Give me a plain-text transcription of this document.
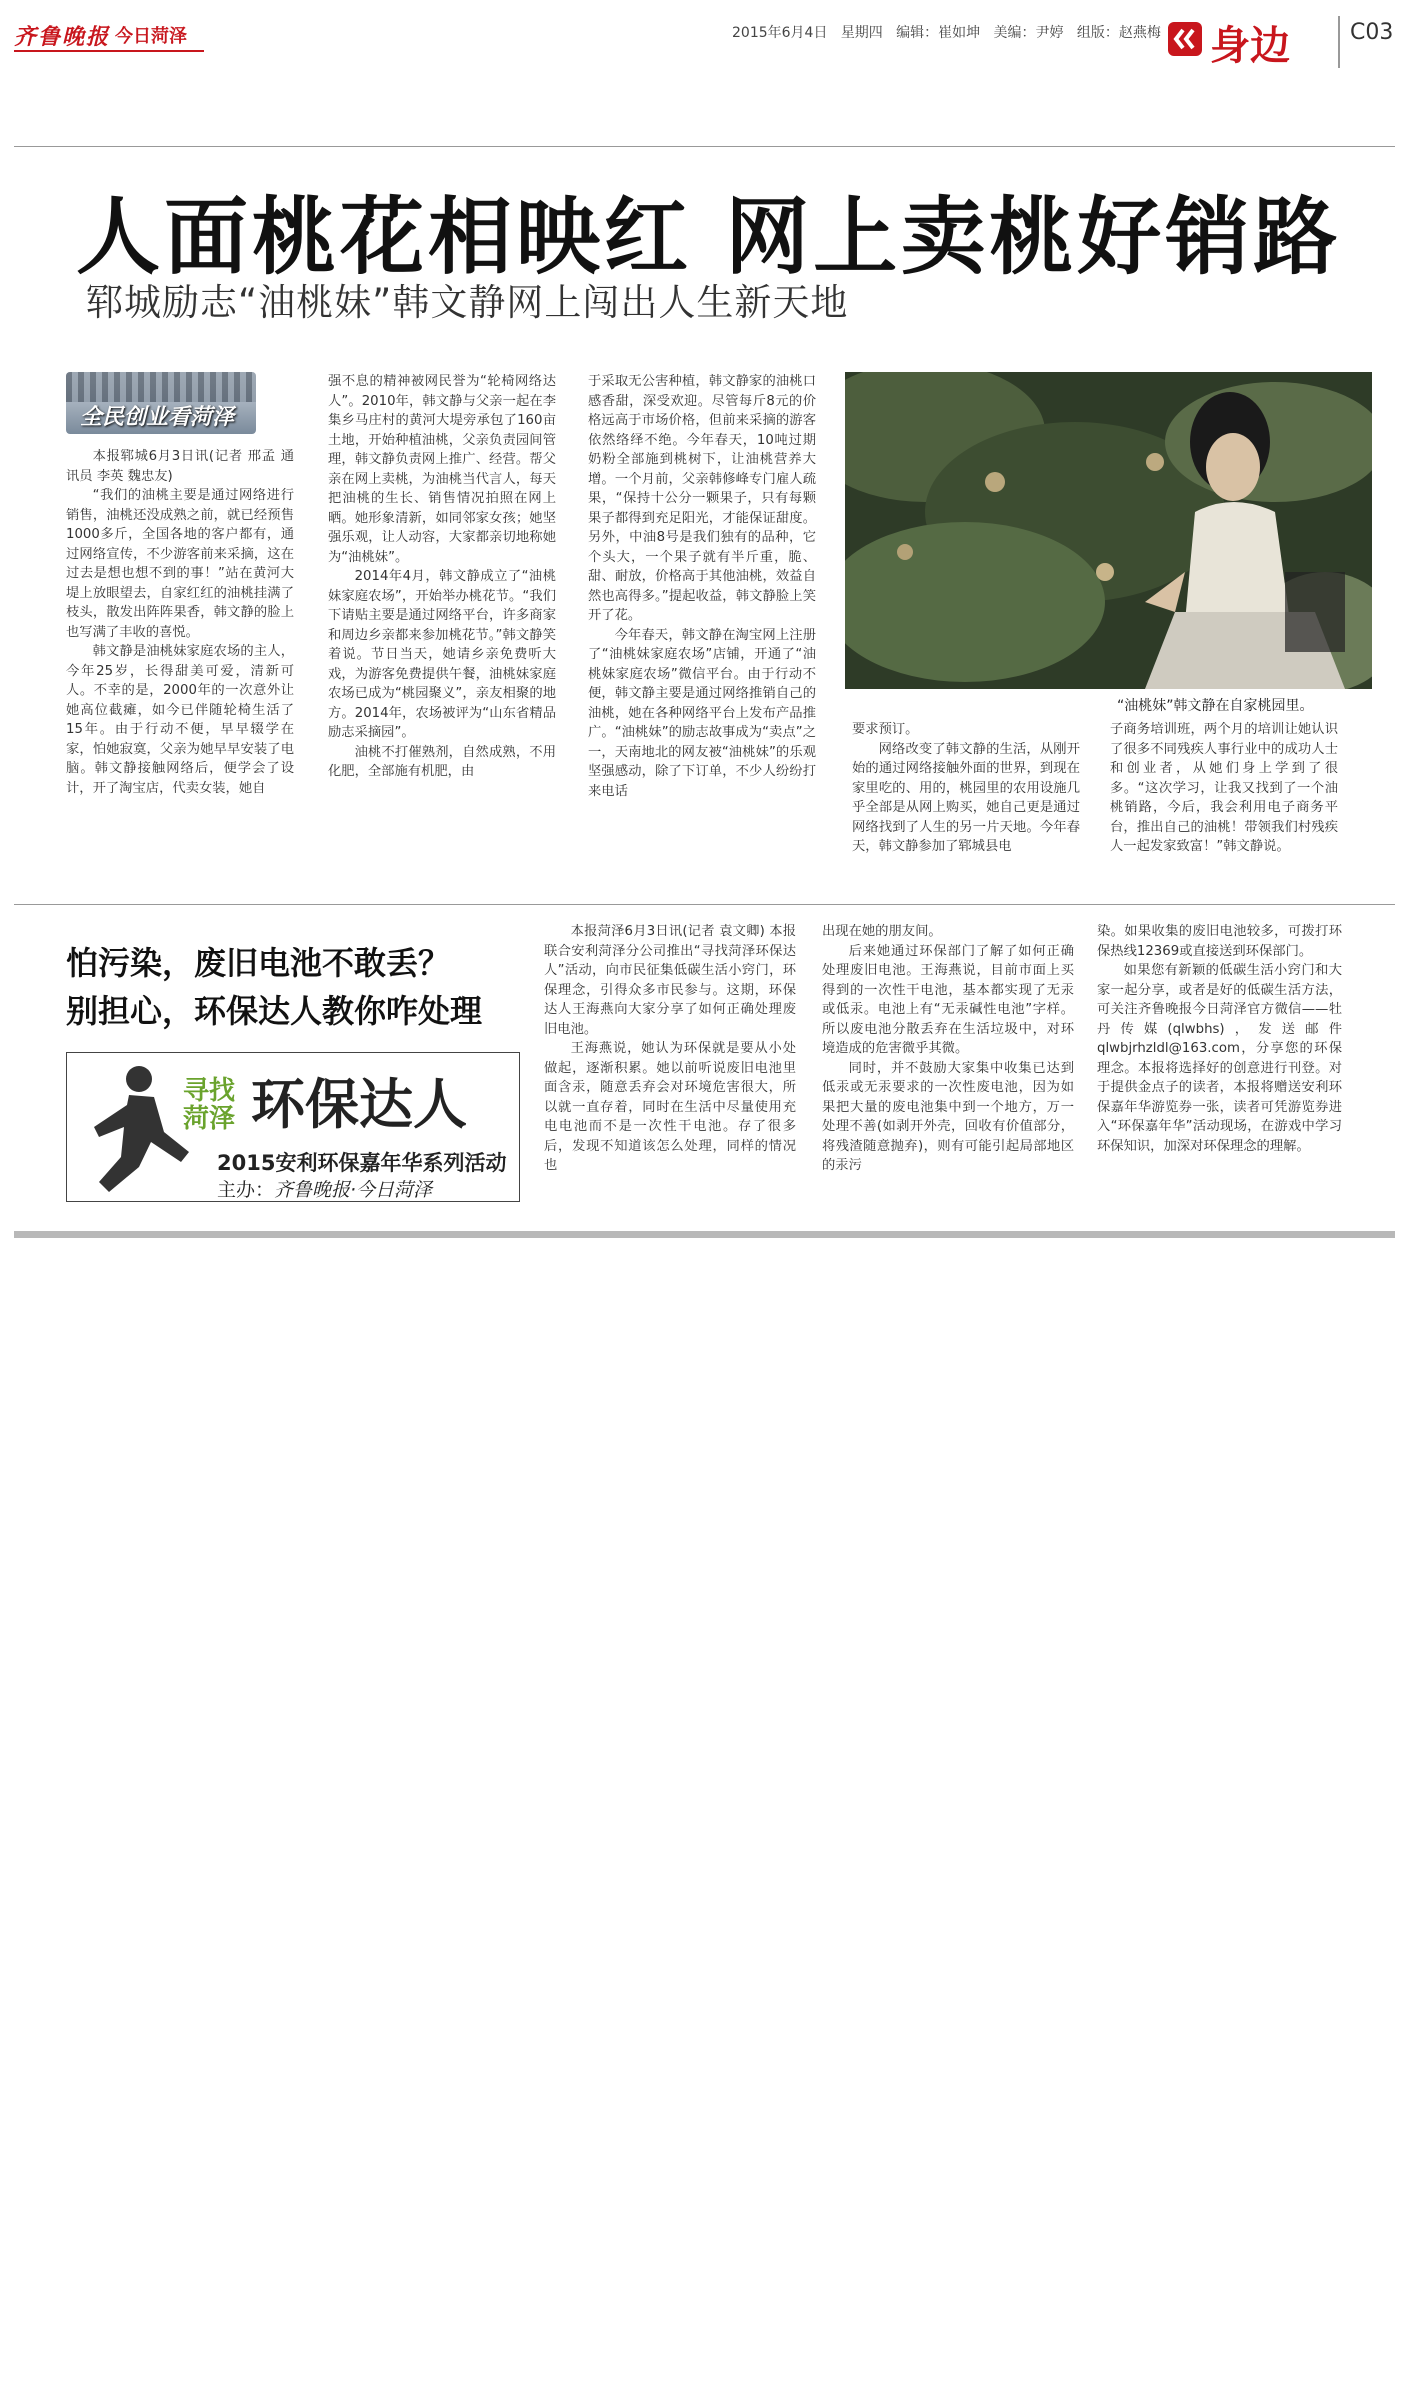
齐鲁晚报 今日菏泽	2015年6月4日 星期四 编辑：崔如坤 美编：尹婷 组版：赵燕梅 身边	C03
人面桃花相映红 网上卖桃好销路
郓城励志“油桃妹”韩文静网上闯出人生新天地
全民创业看菏泽

本报郓城6月3日讯(记者 邢孟 通讯员 李英 魏忠友)

“我们的油桃主要是通过网络进行销售，油桃还没成熟之前，就已经预售1000多斤，全国各地的客户都有，通过网络宣传，不少游客前来采摘，这在过去是想也想不到的事！”站在黄河大堤上放眼望去，自家红红的油桃挂满了枝头，散发出阵阵果香，韩文静的脸上也写满了丰收的喜悦。

韩文静是油桃妹家庭农场的主人，今年25岁，长得甜美可爱，清新可人。不幸的是，2000年的一次意外让她高位截瘫，如今已伴随轮椅生活了15年。由于行动不便，早早辍学在家，怕她寂寞，父亲为她早早安装了电脑。韩文静接触网络后，便学会了设计，开了淘宝店，代卖女装，她自

强不息的精神被网民誉为“轮椅网络达人”。2010年，韩文静与父亲一起在李集乡马庄村的黄河大堤旁承包了160亩土地，开始种植油桃，父亲负责园间管理，韩文静负责网上推广、经营。帮父亲在网上卖桃，为油桃当代言人，每天把油桃的生长、销售情况拍照在网上晒。她形象清新，如同邻家女孩；她坚强乐观，让人动容，大家都亲切地称她为“油桃妹”。

2014年4月，韩文静成立了“油桃妹家庭农场”，开始举办桃花节。“我们下请贴主要是通过网络平台，许多商家和周边乡亲都来参加桃花节。”韩文静笑着说。节日当天，她请乡亲免费听大戏，为游客免费提供午餐，油桃妹家庭农场已成为“桃园聚义”，亲友相聚的地方。2014年，农场被评为“山东省精品励志采摘园”。

油桃不打催熟剂，自然成熟，不用化肥，全部施有机肥，由

于采取无公害种植，韩文静家的油桃口感香甜，深受欢迎。尽管每斤8元的价格远高于市场价格，但前来采摘的游客依然络绎不绝。今年春天，10吨过期奶粉全部施到桃树下，让油桃营养大增。一个月前，父亲韩修峰专门雇人疏果，“保持十公分一颗果子，只有每颗果子都得到充足阳光，才能保证甜度。另外，中油8号是我们独有的品种，它个头大，一个果子就有半斤重，脆、甜、耐放，价格高于其他油桃，效益自然也高得多。”提起收益，韩文静脸上笑开了花。

今年春天，韩文静在淘宝网上注册了“油桃妹家庭农场”店铺，开通了“油桃妹家庭农场”微信平台。由于行动不便，韩文静主要是通过网络推销自己的油桃，她在各种网络平台上发布产品推广。“油桃妹”的励志故事成为“卖点”之一，天南地北的网友被“油桃妹”的乐观坚强感动，除了下订单，不少人纷纷打来电话

“油桃妹”韩文静在自家桃园里。

要求预订。

网络改变了韩文静的生活，从刚开始的通过网络接触外面的世界，到现在家里吃的、用的，桃园里的农用设施几乎全部是从网上购买，她自己更是通过网络找到了人生的另一片天地。今年春天，韩文静参加了郓城县电

子商务培训班，两个月的培训让她认识了很多不同残疾人事行业中的成功人士和创业者，从她们身上学到了很多。“这次学习，让我又找到了一个油桃销路，今后，我会利用电子商务平台，推出自己的油桃！带领我们村残疾人一起发家致富！”韩文静说。

怕污染，废旧电池不敢丢？
别担心，环保达人教你咋处理
寻找
菏泽 环保达人
2015安利环保嘉年华系列活动
主办：齐鲁晚报·今日菏泽

本报菏泽6月3日讯(记者 袁文卿) 本报联合安利菏泽分公司推出“寻找菏泽环保达人”活动，向市民征集低碳生活小窍门，环保理念，引得众多市民参与。这期，环保达人王海燕向大家分享了如何正确处理废旧电池。

王海燕说，她认为环保就是要从小处做起，逐渐积累。她以前听说废旧电池里面含汞，随意丢弃会对环境危害很大，所以就一直存着，同时在生活中尽量使用充电电池而不是一次性干电池。存了很多后，发现不知道该怎么处理，同样的情况也

出现在她的朋友间。

后来她通过环保部门了解了如何正确处理废旧电池。王海燕说，目前市面上买得到的一次性干电池，基本都实现了无汞或低汞。电池上有“无汞碱性电池”字样。所以废电池分散丢弃在生活垃圾中，对环境造成的危害微乎其微。

同时，并不鼓励大家集中收集已达到低汞或无汞要求的一次性废电池，因为如果把大量的废电池集中到一个地方，万一处理不善(如剥开外壳，回收有价值部分，将残渣随意抛弃)，则有可能引起局部地区的汞污

染。如果收集的废旧电池较多，可拨打环保热线12369或直接送到环保部门。

如果您有新颖的低碳生活小窍门和大家一起分享，或者是好的低碳生活方法，可关注齐鲁晚报今日菏泽官方微信——牡丹传媒(qlwbhs)，发送邮件qlwbjrhzldl@163.com，分享您的环保理念。本报将选择好的创意进行刊登。对于提供金点子的读者，本报将赠送安利环保嘉年华游览券一张，读者可凭游览券进入“环保嘉年华”活动现场，在游戏中学习环保知识，加深对环保理念的理解。
